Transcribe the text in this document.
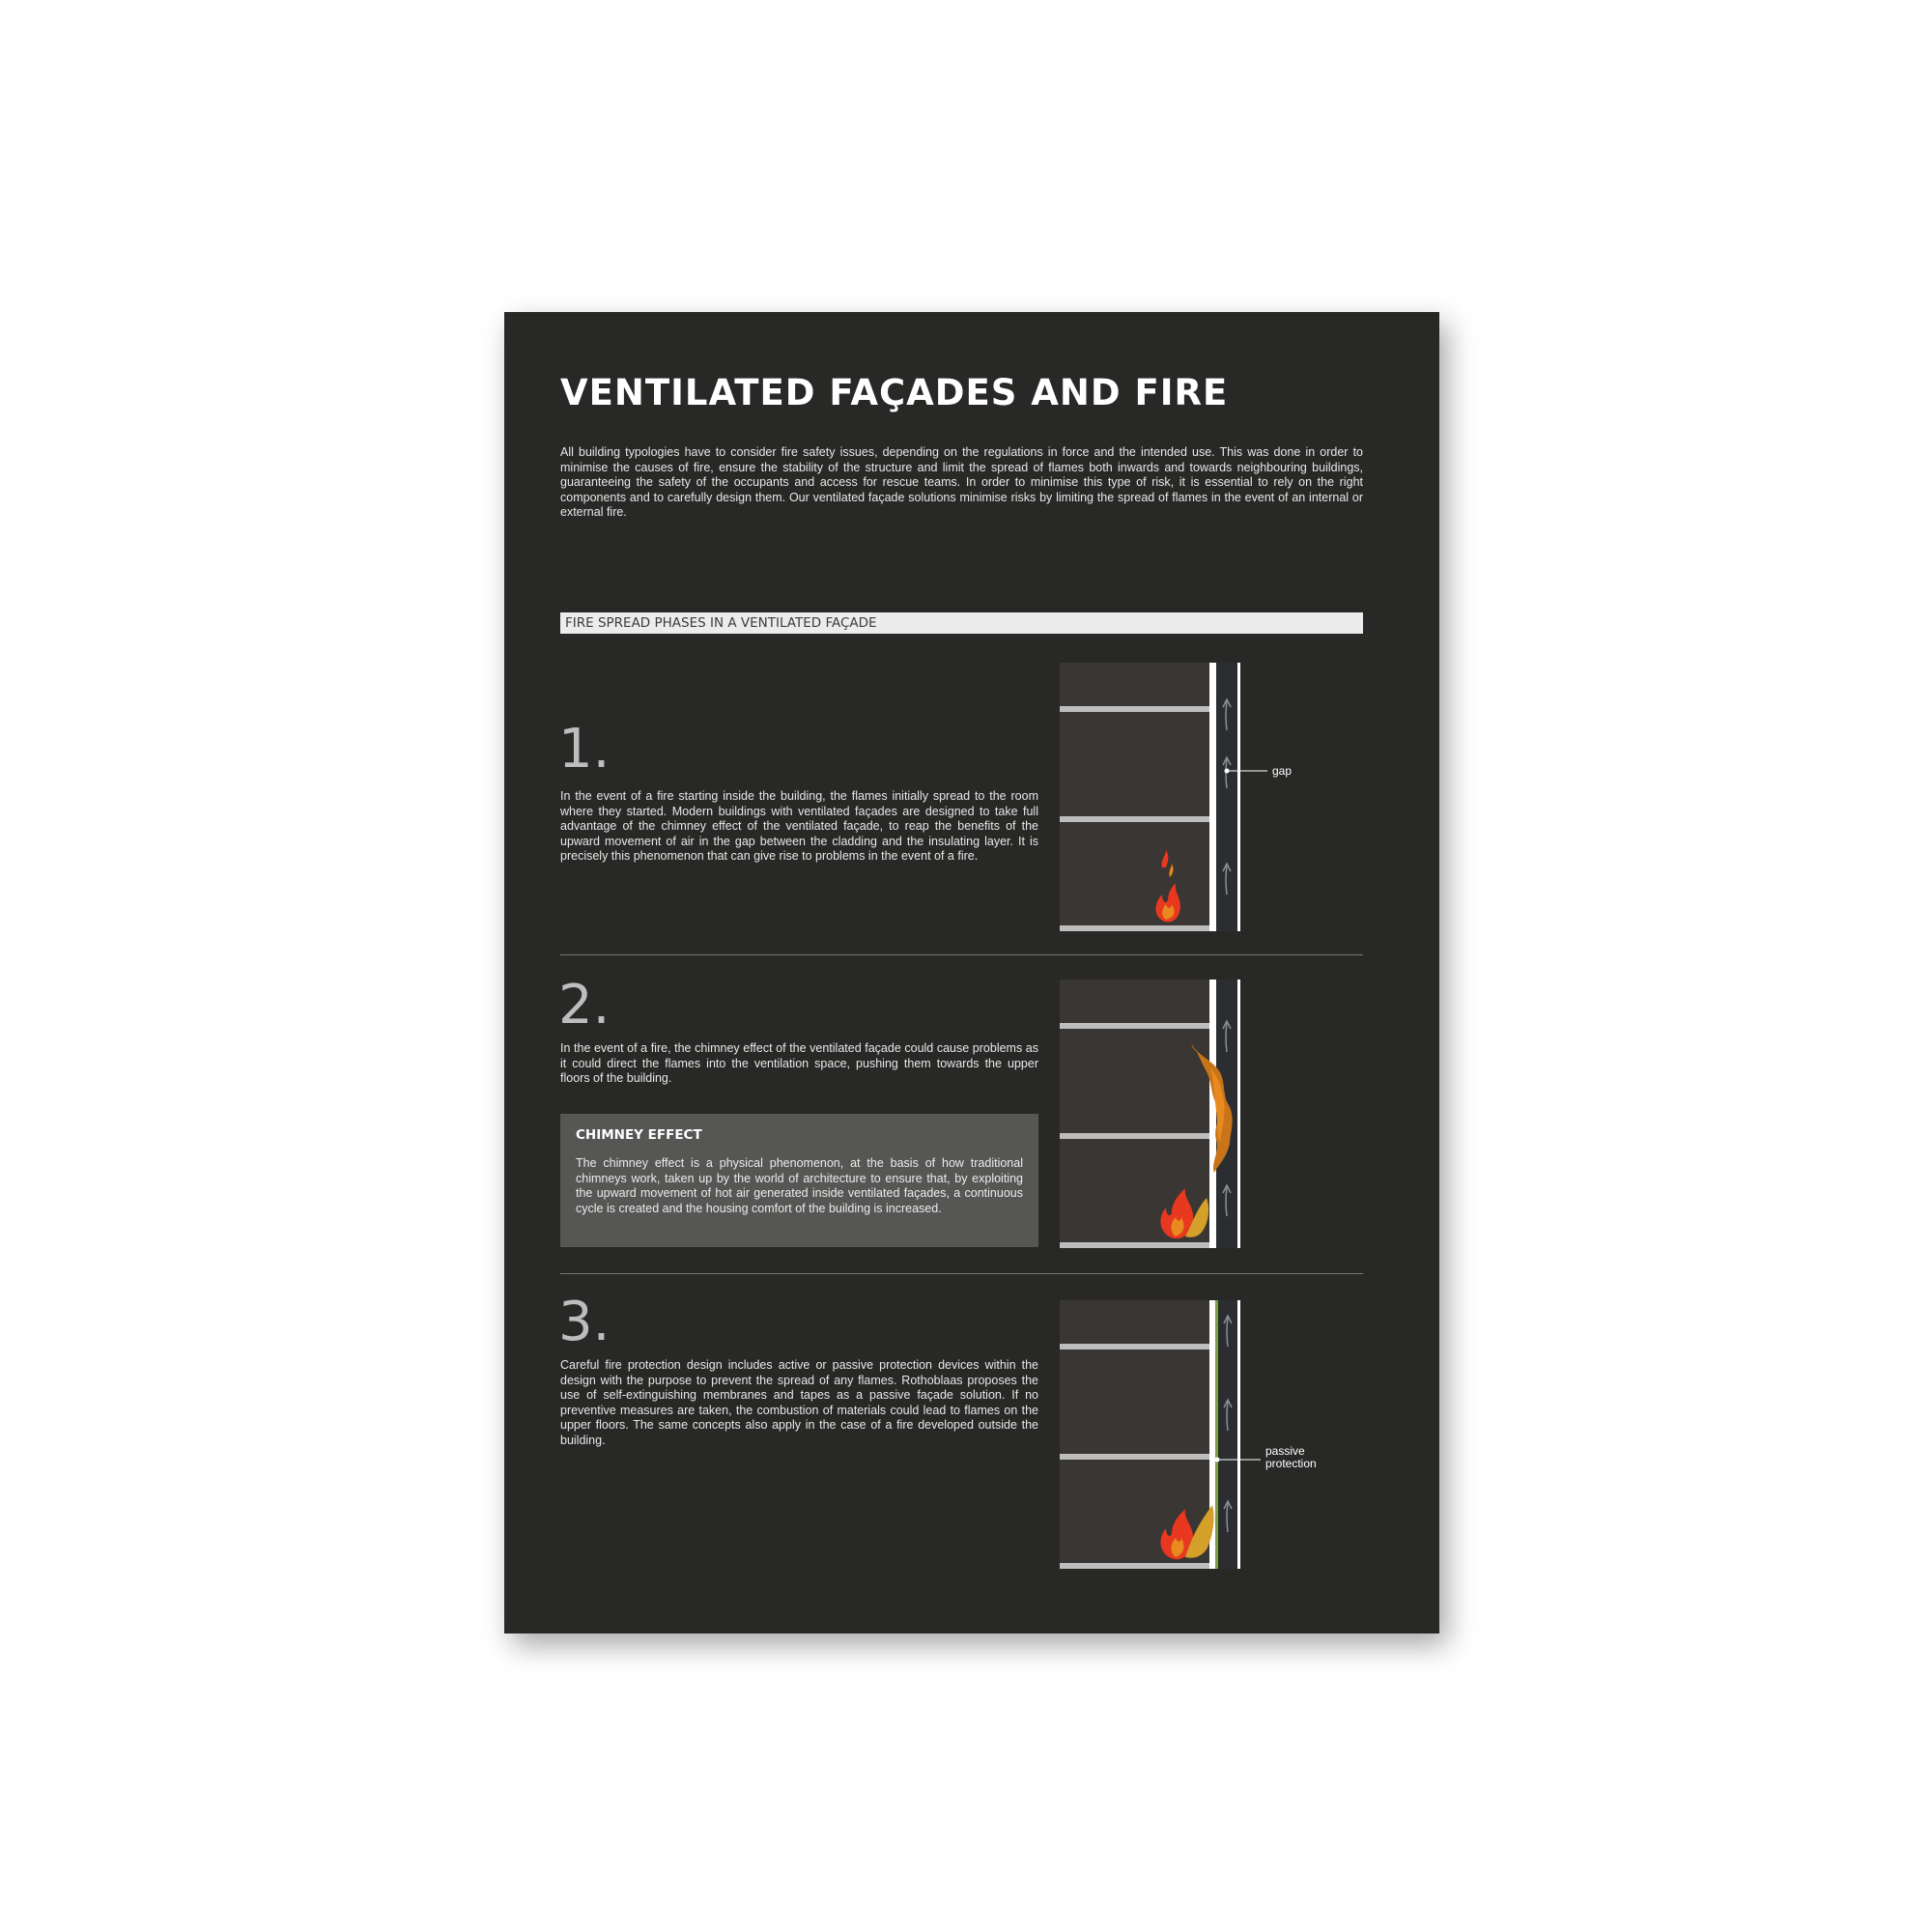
VENTILATED FAÇADES AND FIRE

All building typologies have to consider fire safety issues, depending on the regulations in force and the intended use. This was done in order to minimise the causes of fire, ensure the stability of the structure and limit the spread of flames both inwards and towards neighbouring buildings, guaranteeing the safety of the occupants and access for rescue teams. In order to minimise this type of risk, it is essential to rely on the right components and to carefully design them. Our ventilated façade solutions minimise risks by limiting the spread of flames in the event of an internal or external fire.

FIRE SPREAD PHASES IN A VENTILATED FAÇADE

1.

In the event of a fire starting inside the building, the flames initially spread to the room where they started. Modern buildings with ventilated façades are designed to take full advantage of the chimney effect of the ventilated façade, to reap the benefits of the upward movement of air in the gap between the cladding and the insulating layer. It is precisely this phenomenon that can give rise to problems in the event of a fire.

gap

2.

In the event of a fire, the chimney effect of the ventilated façade could cause problems as it could direct the flames into the ventilation space, pushing them towards the upper floors of the building.

CHIMNEY EFFECT

The chimney effect is a physical phenomenon, at the basis of how traditional chimneys work, taken up by the world of architecture to ensure that, by exploiting the upward movement of hot air generated inside ventilated façades, a continuous cycle is created and the housing comfort of the building is increased.

3.

Careful fire protection design includes active or passive protection devices within the design with the purpose to prevent the spread of any flames. Rothoblaas proposes the use of self-extinguishing membranes and tapes as a passive façade solution. If no preventive measures are taken, the combustion of materials could lead to flames on the upper floors. The same concepts also apply in the case of a fire developed outside the building.

passive
protection
